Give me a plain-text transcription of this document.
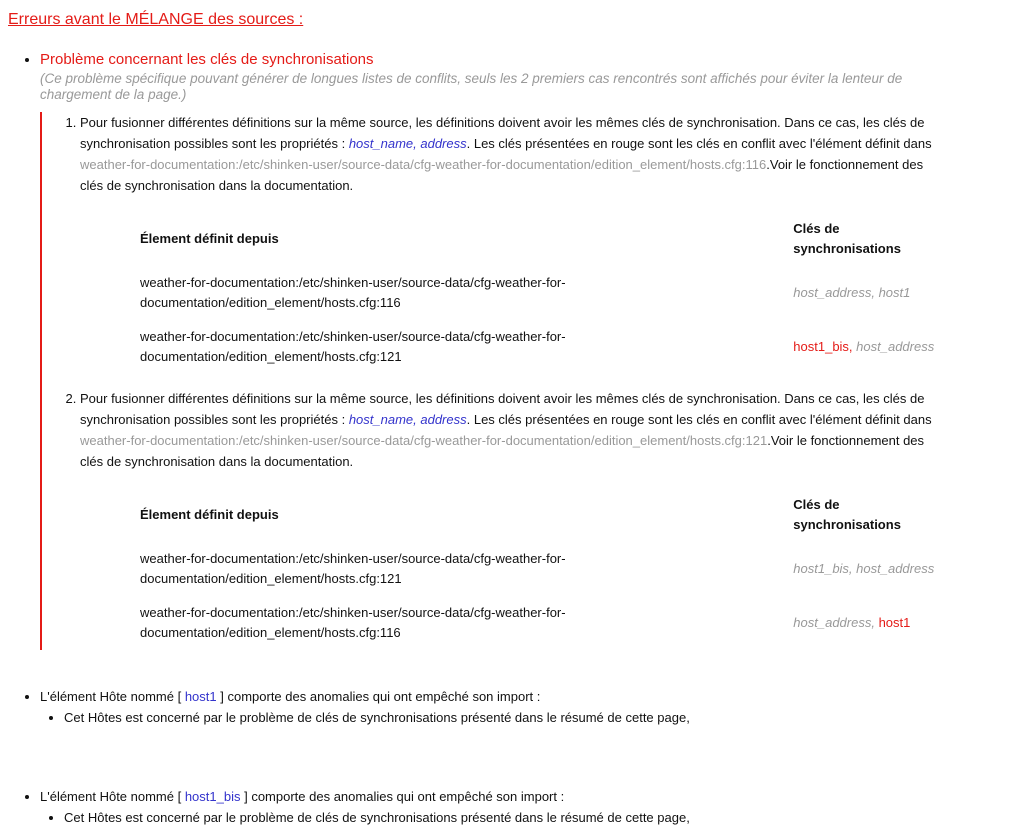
Erreurs avant le MÉLANGE des sources :
• Problème concernant les clés de synchronisations
(Ce problème spécifique pouvant générer de longues listes de conflits, seuls les 2 premiers cas rencontrés sont affichés pour éviter la lenteur de chargement de la page.)
1. Pour fusionner différentes définitions sur la même source, les définitions doivent avoir les mêmes clés de synchronisation. Dans ce cas, les clés de synchronisation possibles sont les propriétés : host_name, address. Les clés présentées en rouge sont les clés en conflit avec l'élément définit dans weather-for-documentation:/etc/shinken-user/source-data/cfg-weather-for-documentation/edition_element/hosts.cfg:116.Voir le fonctionnement des clés de synchronisation dans la documentation.
Élement définit depuis	Clés de synchronisations
weather-for-documentation:/etc/shinken-user/source-data/cfg-weather-for-documentation/edition_element/hosts.cfg:116	host_address, host1
weather-for-documentation:/etc/shinken-user/source-data/cfg-weather-for-documentation/edition_element/hosts.cfg:121	host1_bis, host_address
2. Pour fusionner différentes définitions sur la même source, les définitions doivent avoir les mêmes clés de synchronisation. Dans ce cas, les clés de synchronisation possibles sont les propriétés : host_name, address. Les clés présentées en rouge sont les clés en conflit avec l'élément définit dans weather-for-documentation:/etc/shinken-user/source-data/cfg-weather-for-documentation/edition_element/hosts.cfg:121.Voir le fonctionnement des clés de synchronisation dans la documentation.
Élement définit depuis	Clés de synchronisations
weather-for-documentation:/etc/shinken-user/source-data/cfg-weather-for-documentation/edition_element/hosts.cfg:121	host1_bis, host_address
weather-for-documentation:/etc/shinken-user/source-data/cfg-weather-for-documentation/edition_element/hosts.cfg:116	host_address, host1
• L'élément Hôte nommé [ host1 ] comporte des anomalies qui ont empêché son import :
• Cet Hôtes est concerné par le problème de clés de synchronisations présenté dans le résumé de cette page,
• L'élément Hôte nommé [ host1_bis ] comporte des anomalies qui ont empêché son import :
• Cet Hôtes est concerné par le problème de clés de synchronisations présenté dans le résumé de cette page,
